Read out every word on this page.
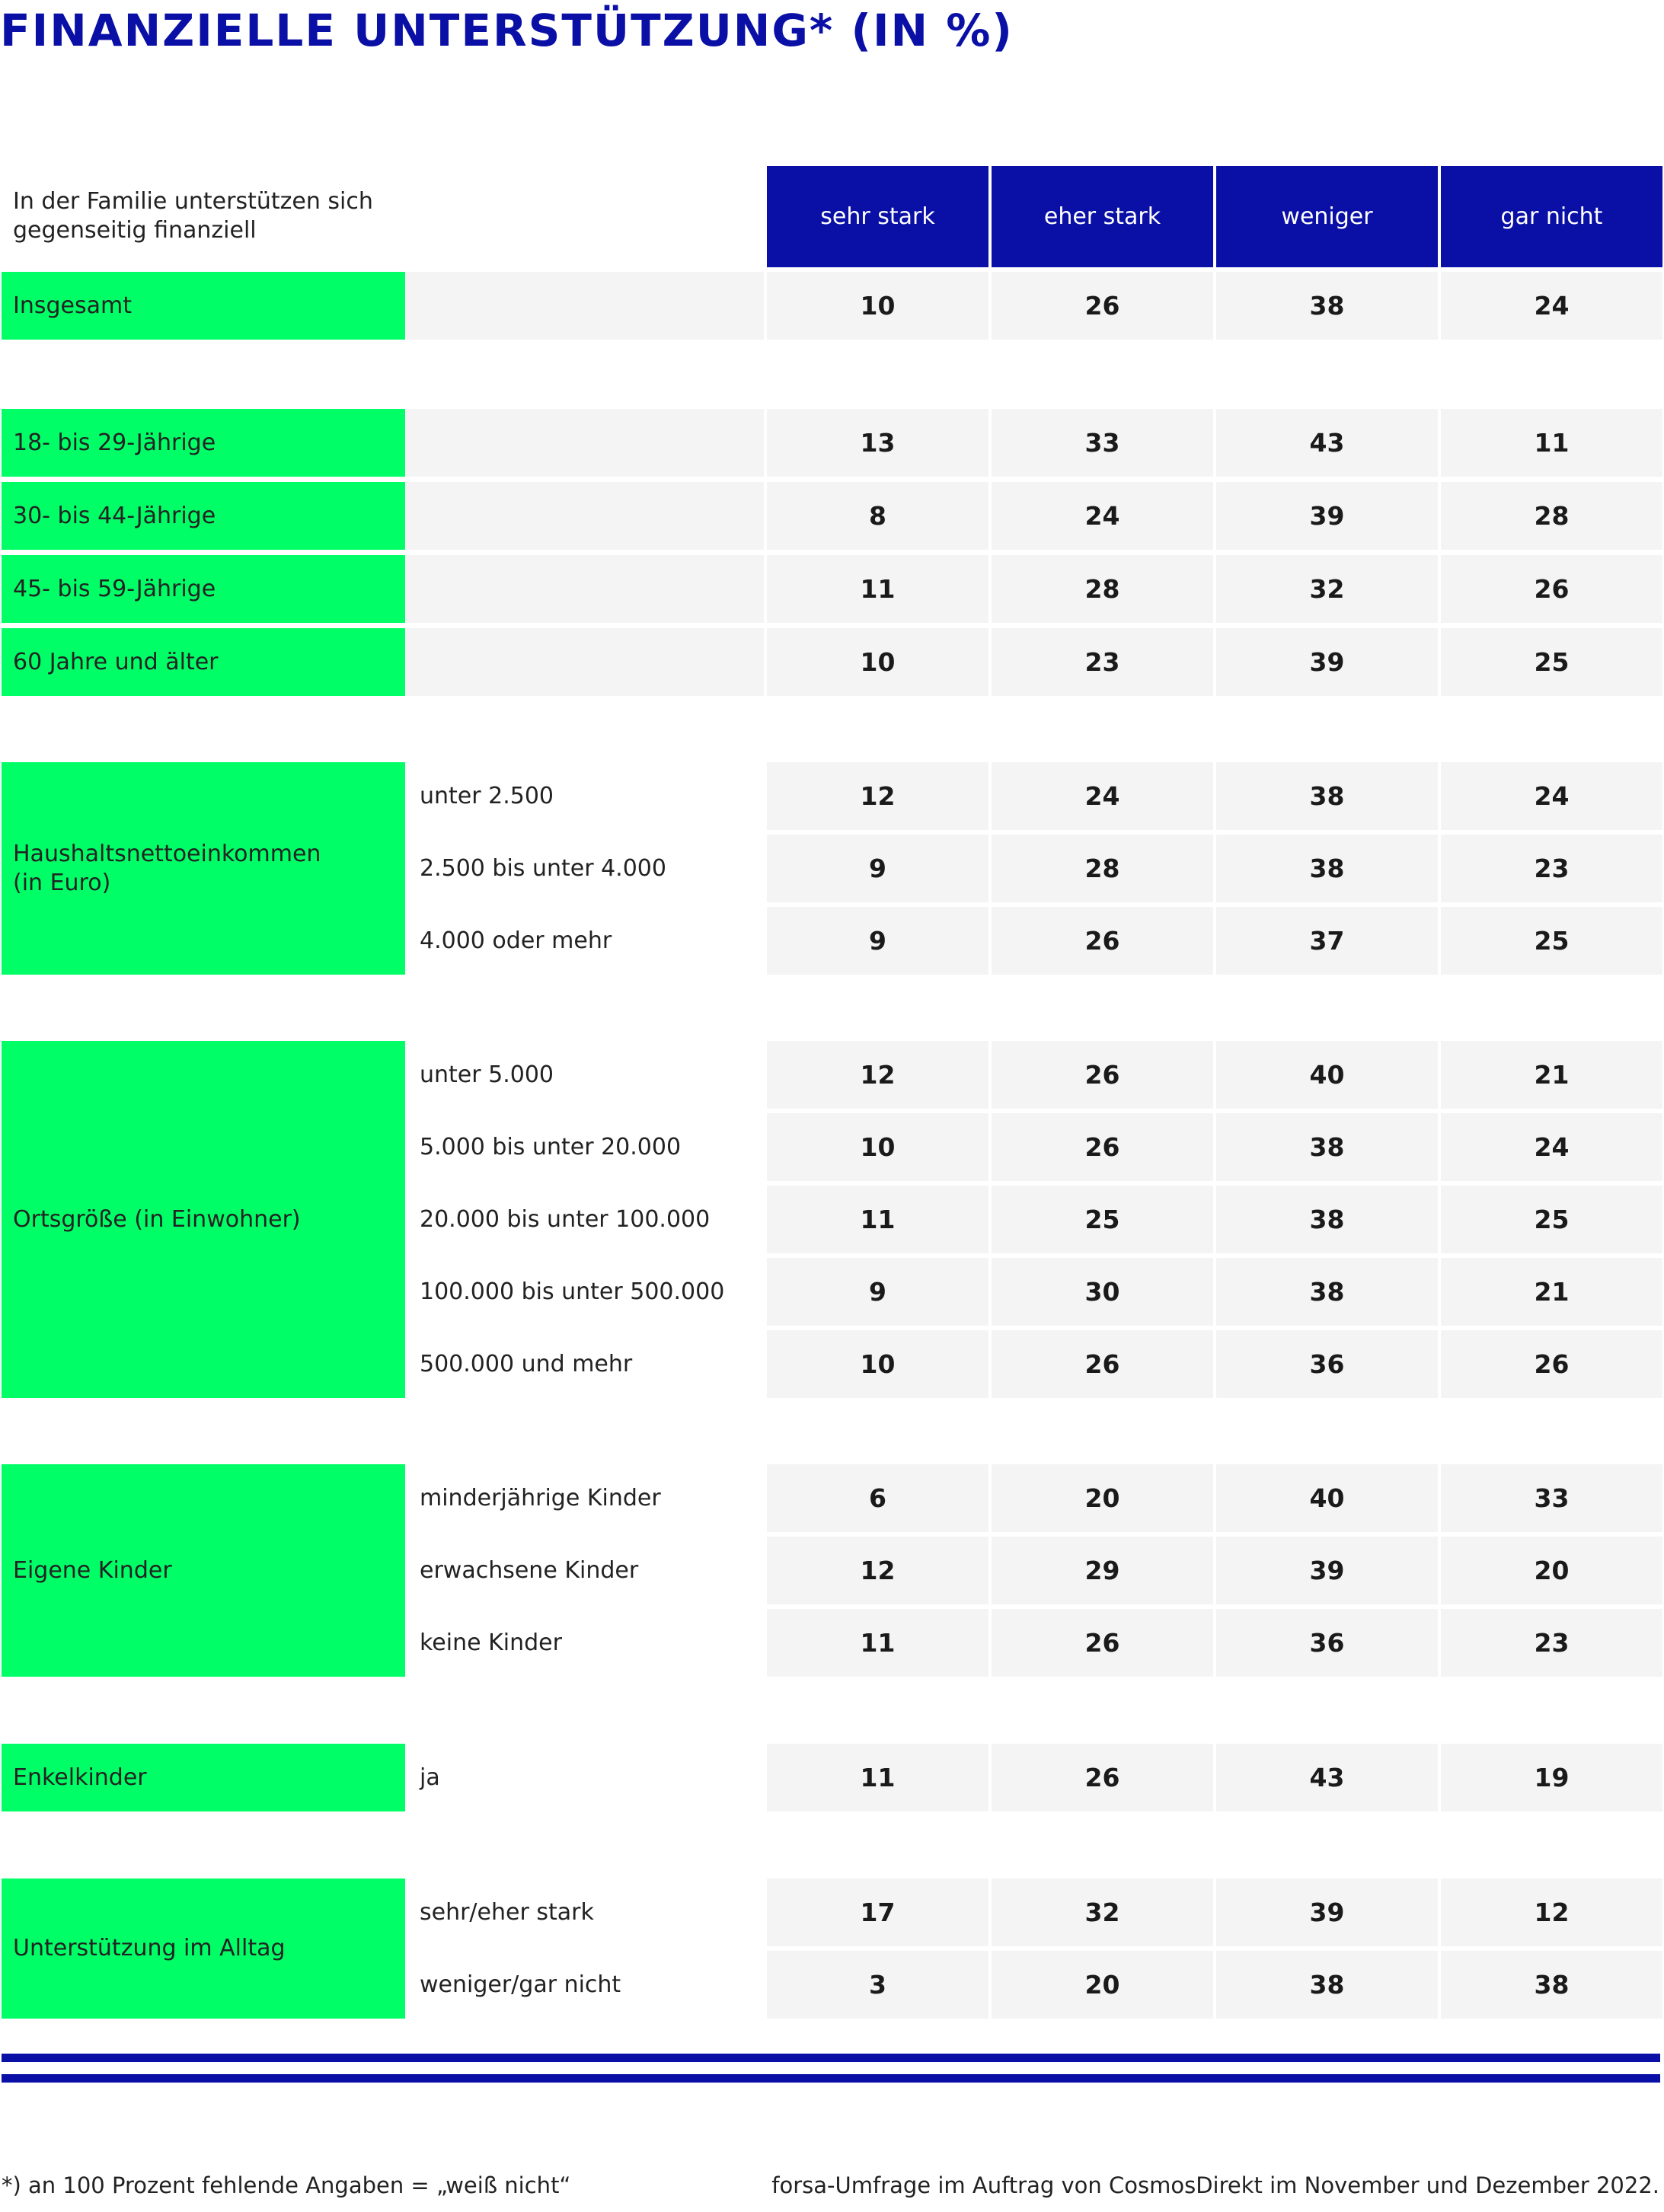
FINANZIELLE UNTERSTÜTZUNG* (IN %)
In der Familie unterstützen sich gegenseitig finanziell
sehr stark	eher stark	weniger	gar nicht
Insgesamt	10	26	38	24
18- bis 29-Jährige	13	33	43	11
30- bis 44-Jährige	8	24	39	28
45- bis 59-Jährige	11	28	32	26
60 Jahre und älter	10	23	39	25
Haushaltsnettoeinkommen (in Euro)
unter 2.500	12	24	38	24
2.500 bis unter 4.000	9	28	38	23
4.000 oder mehr	9	26	37	25
Ortsgröße (in Einwohner)
unter 5.000	12	26	40	21
5.000 bis unter 20.000	10	26	38	24
20.000 bis unter 100.000	11	25	38	25
100.000 bis unter 500.000	9	30	38	21
500.000 und mehr	10	26	36	26
Eigene Kinder
minderjährige Kinder	6	20	40	33
erwachsene Kinder	12	29	39	20
keine Kinder	11	26	36	23
Enkelkinder	ja	11	26	43	19
Unterstützung im Alltag
sehr/eher stark	17	32	39	12
weniger/gar nicht	3	20	38	38
*) an 100 Prozent fehlende Angaben = „weiß nicht“	forsa-Umfrage im Auftrag von CosmosDirekt im November und Dezember 2022.
